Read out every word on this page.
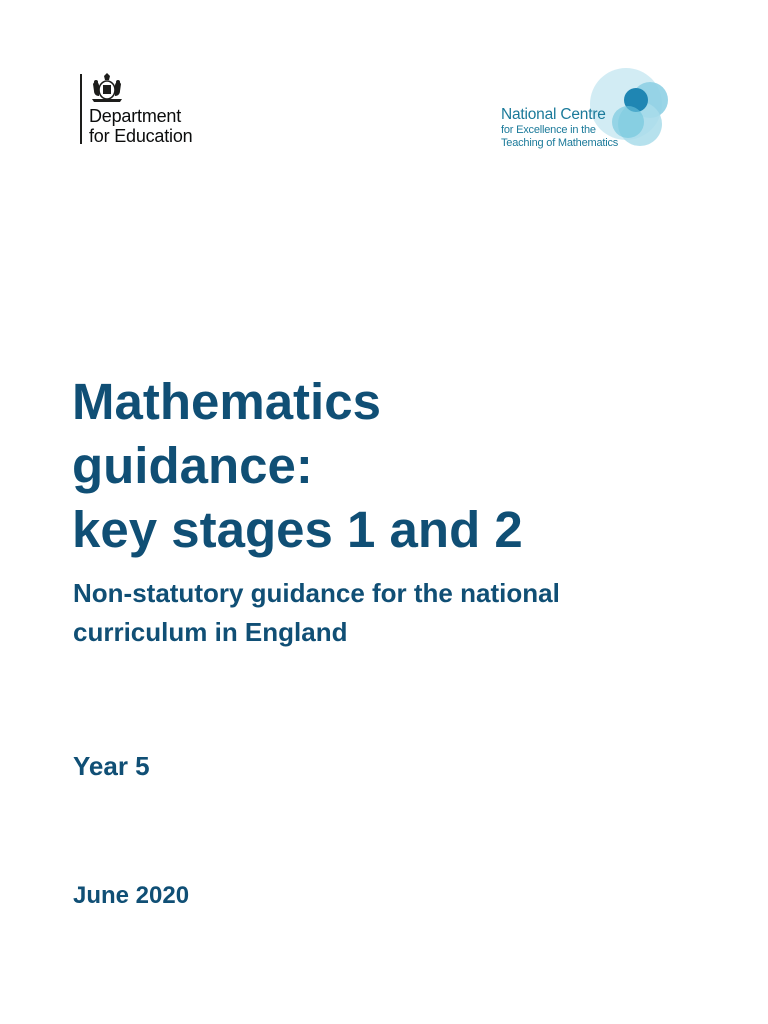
Department
for Education
National Centre
for Excellence in the
Teaching of Mathematics
Mathematics
guidance:
key stages 1 and 2
Non-statutory guidance for the national
curriculum in England
Year 5
June 2020
